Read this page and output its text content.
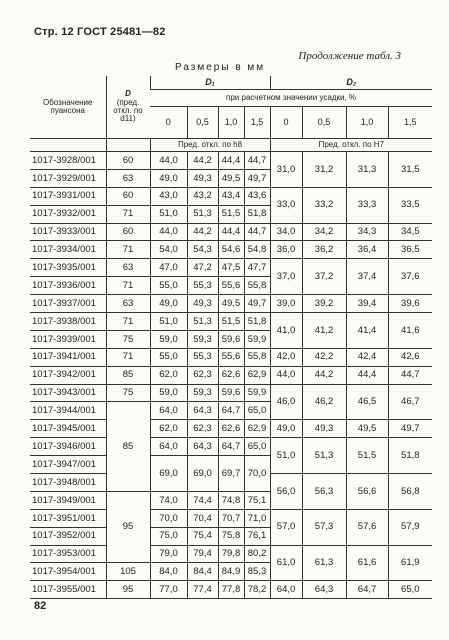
Стр. 12 ГОСТ 25481—82
Продолжение табл. 3
Размеры в мм
Обозначение пуансона	D
(пред. откл. по d11)	D₁				D₂			
		при расчетном значении усадки, %							
		0	0,5	1,0	1,5	0	0,5	1,0	1,5
		Пред. откл. по h8				Пред. откл. по Н7			
1017-3928/001	60	44,0	44,2	44,4	44,7	31,0	31,2	31,3	31,5
1017-3929/001	63	49,0	49,3	49,5	49,7				
1017-3931/001	60	43,0	43,2	43,4	43,6	33,0	33,2	33,3	33,5
1017-3932/001	71	51,0	51,3	51,5	51,8				
1017-3933/001	60	44,0	44,2	44,4	44,7	34,0	34,2	34,3	34,5
1017-3934/001	71	54,0	54,3	54,6	54,8	36,0	36,2	36,4	36,5
1017-3935/001	63	47,0	47,2	47,5	47,7	37,0	37,2	37,4	37,6
1017-3936/001	71	55,0	55,3	55,6	55,8				
1017-3937/001	63	49,0	49,3	49,5	49,7	39,0	39,2	39,4	39,6
1017-3938/001	71	51,0	51,3	51,5	51,8	41,0	41,2	41,4	41,6
1017-3939/001	75	59,0	59,3	59,6	59,9				
1017-3941/001	71	55,0	55,3	55,6	55,8	42,0	42,2	42,4	42,6
1017-3942/001	85	62,0	62,3	62,6	62,9	44,0	44,2	44,4	44,7
1017-3943/001	75	59,0	59,3	59,6	59,9	46,0	46,2	46,5	46,7
1017-3944/001	85	64,0	64,3	64,7	65,0				
1017-3945/001		62,0	62,3	62,6	62,9	49,0	49,3	49,5	49,7
1017-3946/001		64,0	64,3	64,7	65,0	51,0	51,3	51,5	51,8
1017-3947/001		69,0	69,0	69,7	70,0				
1017-3948/001						56,0	56,3	56,6	56,8
1017-3949/001	95	74,0	74,4	74,8	75,1				
1017-3951/001		70,0	70,4	70,7	71,0	57,0	57,3	57,6	57,9
1017-3952/001		75,0	75,4	75,8	76,1				
1017-3953/001		79,0	79,4	79,8	80,2	61,0	61,3	61,6	61,9
1017-3954/001	105	84,0	84,4	84,9	85,3				
1017-3955/001	95	77,0	77,4	77,8	78,2	64,0	64,3	64,7	65,0
82
